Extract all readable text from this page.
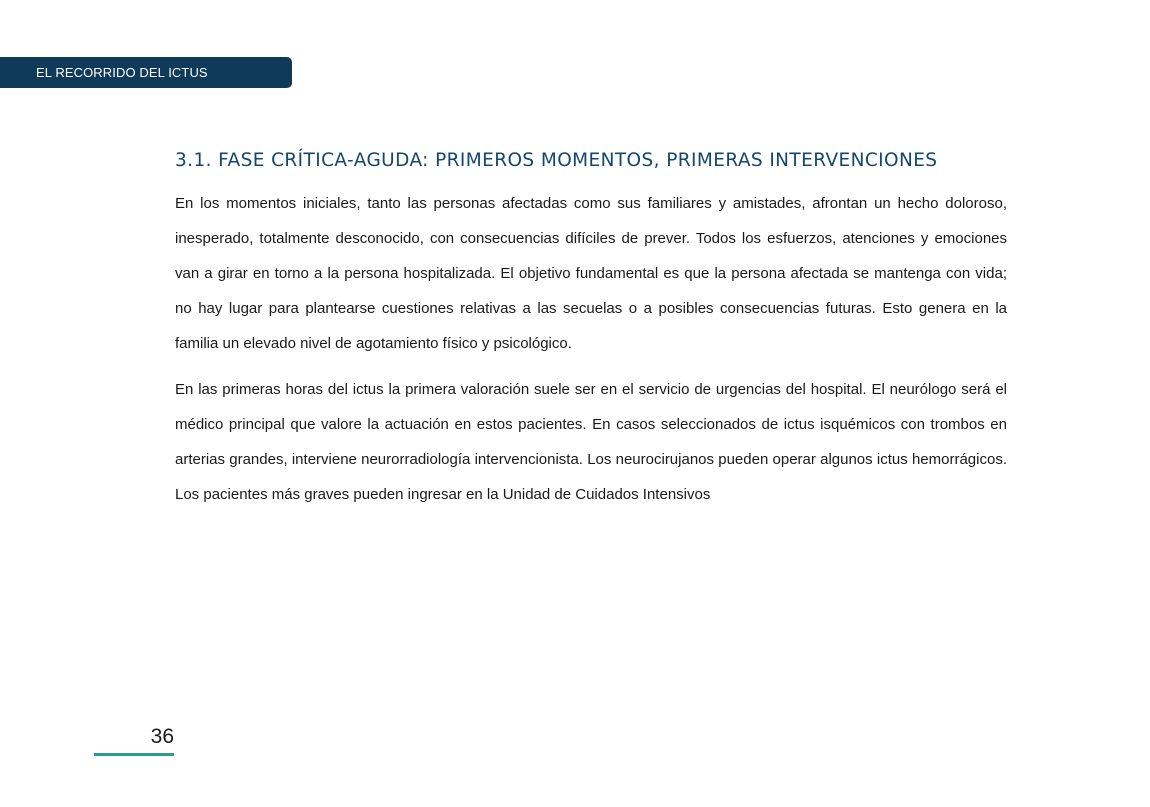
EL RECORRIDO DEL ICTUS
3.1. FASE CRÍTICA-AGUDA: PRIMEROS MOMENTOS, PRIMERAS INTERVENCIONES

En los momentos iniciales, tanto las personas afectadas como sus familiares y amistades, afrontan un hecho doloroso, inesperado, totalmente desconocido, con consecuencias difíciles de prever. Todos los esfuerzos, atenciones y emociones van a girar en torno a la persona hospitalizada. El objetivo fundamental es que la persona afectada se mantenga con vida; no hay lugar para plantearse cuestiones relativas a las secuelas o a posibles consecuencias futuras. Esto genera en la familia un elevado nivel de agotamiento físico y psicológico.

En las primeras horas del ictus la primera valoración suele ser en el servicio de urgencias del hospital. El neurólogo será el médico principal que valore la actuación en estos pacientes. En casos seleccionados de ictus isquémicos con trombos en arterias grandes, interviene neurorradiología intervencionista. Los neurocirujanos pueden operar algunos ictus hemorrágicos. Los pacientes más graves pueden ingresar en la Unidad de Cuidados Intensivos

36
